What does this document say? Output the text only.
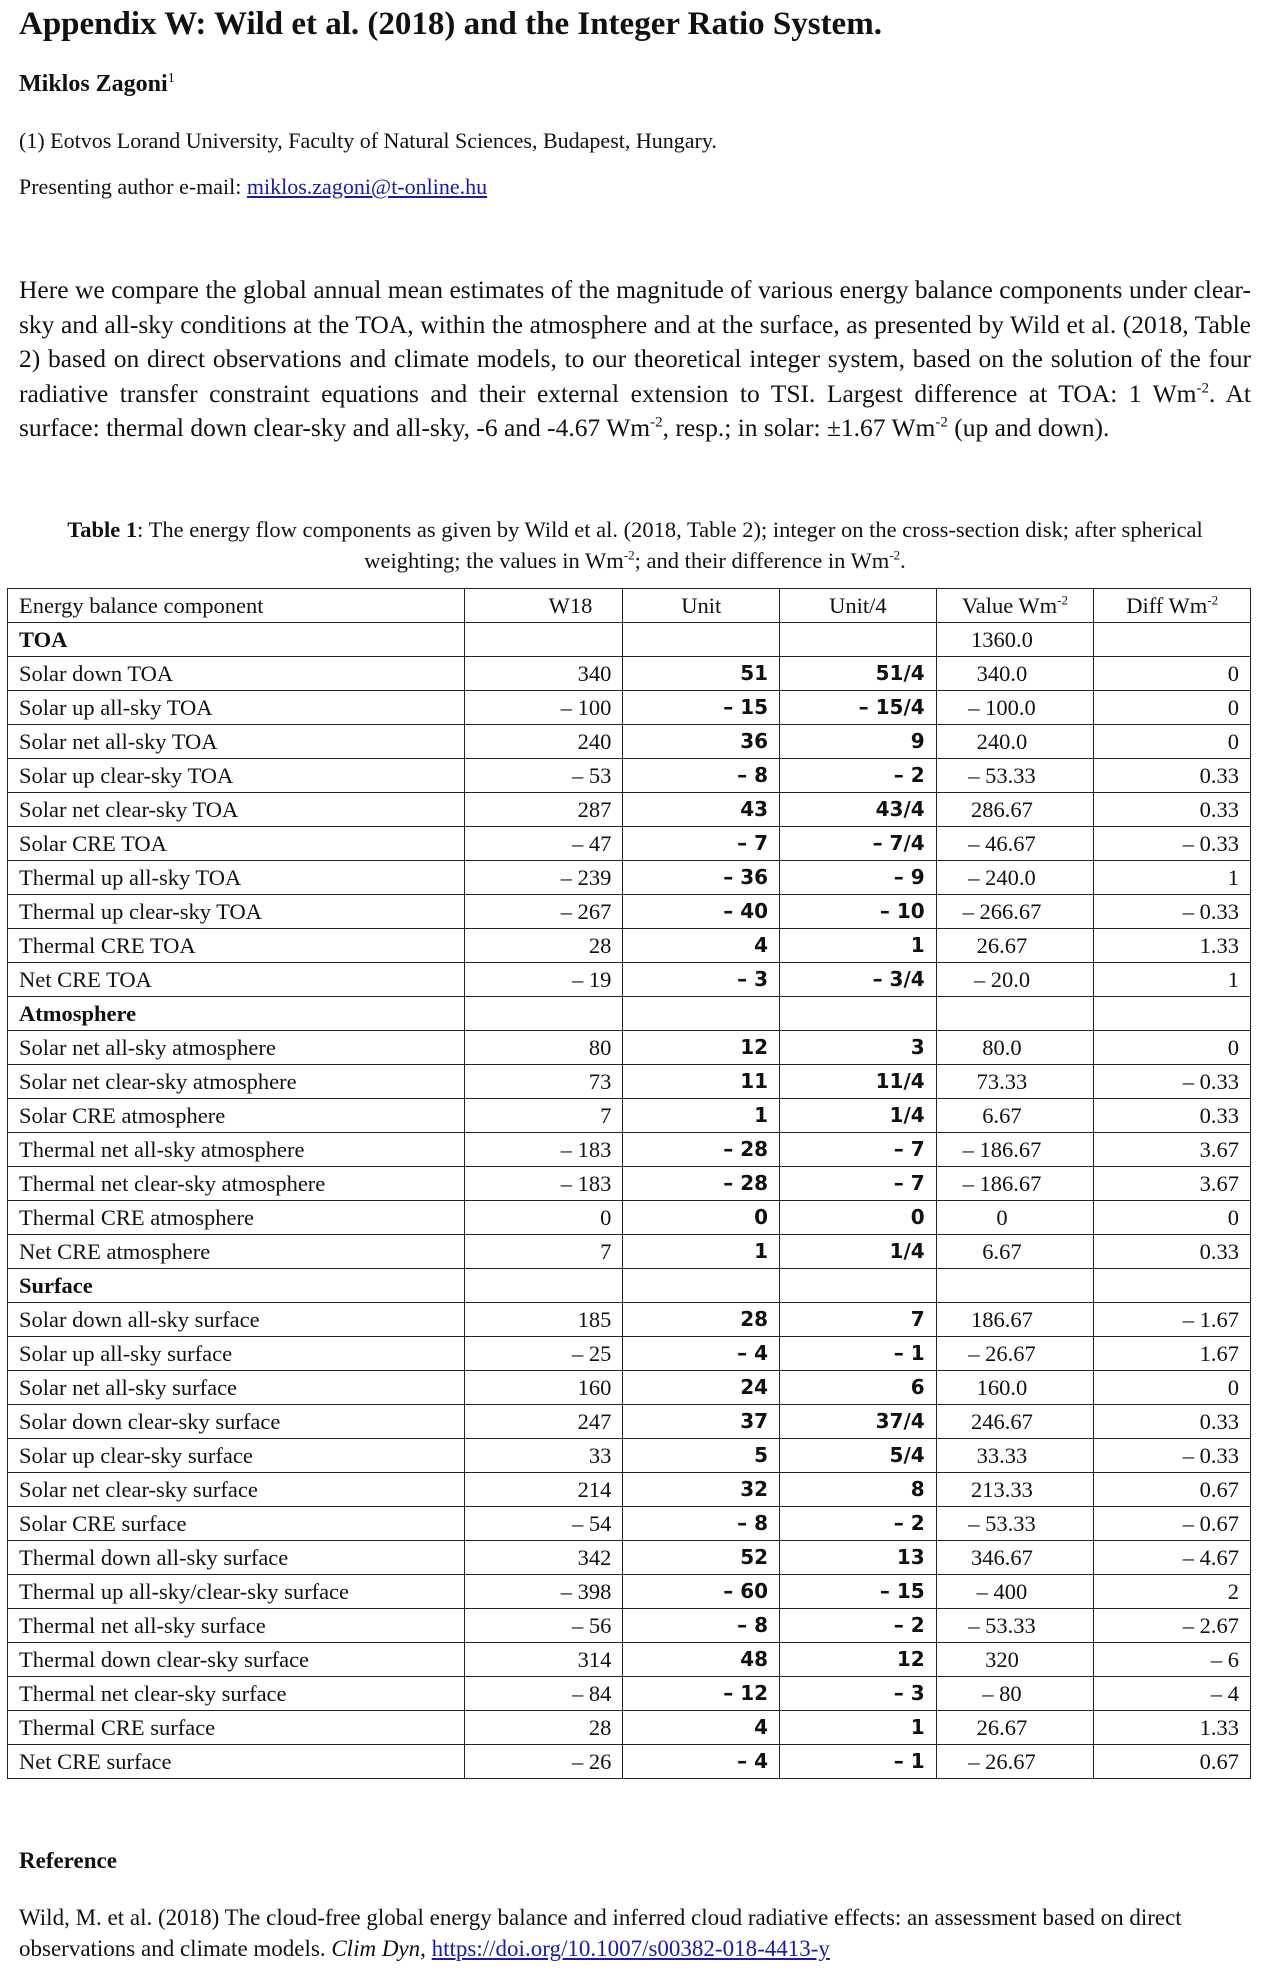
Appendix W: Wild et al. (2018) and the Integer Ratio System.
Miklos Zagoni$^1$
(1) Eotvos Lorand University, Faculty of Natural Sciences, Budapest, Hungary.
Presenting author e-mail: miklos.zagoni@t-online.hu

Here we compare the global annual mean estimates of the magnitude of various energy balance components under clear-sky and all-sky conditions at the TOA, within the atmosphere and at the surface, as presented by Wild et al. (2018, Table 2) based on direct observations and climate models, to our theoretical integer system, based on the solution of the four radiative transfer constraint equations and their external extension to TSI. Largest difference at TOA: 1 $Wm^{-2}$. At surface: thermal down clear-sky and all-sky, -6 and -4.67 $Wm^{-2}$, resp.; in solar: ±1.67 $Wm^{-2}$ (up and down).

Table 1: The energy flow components as given by Wild et al. (2018, Table 2); integer on the cross-section disk; after spherical weighting; the values in $Wm^{-2}$; and their difference in $Wm^{-2}$.

Energy balance component	W18	Unit	Unit/4	Value $Wm^{-2}$	Diff $Wm^{-2}$
TOA				1360.0	
Solar down TOA	340	51	51/4	340.0	0
Solar up all-sky TOA	– 100	– 15	– 15/4	– 100.0	0
Solar net all-sky TOA	240	36	9	240.0	0
Solar up clear-sky TOA	– 53	– 8	– 2	– 53.33	0.33
Solar net clear-sky TOA	287	43	43/4	286.67	0.33
Solar CRE TOA	– 47	– 7	– 7/4	– 46.67	– 0.33
Thermal up all-sky TOA	– 239	– 36	– 9	– 240.0	1
Thermal up clear-sky TOA	– 267	– 40	– 10	– 266.67	– 0.33
Thermal CRE TOA	28	4	1	26.67	1.33
Net CRE TOA	– 19	– 3	– 3/4	– 20.0	1
Atmosphere					
Solar net all-sky atmosphere	80	12	3	80.0	0
Solar net clear-sky atmosphere	73	11	11/4	73.33	– 0.33
Solar CRE atmosphere	7	1	1/4	6.67	0.33
Thermal net all-sky atmosphere	– 183	– 28	– 7	– 186.67	3.67
Thermal net clear-sky atmosphere	– 183	– 28	– 7	– 186.67	3.67
Thermal CRE atmosphere	0	0	0	0	0
Net CRE atmosphere	7	1	1/4	6.67	0.33
Surface					
Solar down all-sky surface	185	28	7	186.67	– 1.67
Solar up all-sky surface	– 25	– 4	– 1	– 26.67	1.67
Solar net all-sky surface	160	24	6	160.0	0
Solar down clear-sky surface	247	37	37/4	246.67	0.33
Solar up clear-sky surface	33	5	5/4	33.33	– 0.33
Solar net clear-sky surface	214	32	8	213.33	0.67
Solar CRE surface	– 54	– 8	– 2	– 53.33	– 0.67
Thermal down all-sky surface	342	52	13	346.67	– 4.67
Thermal up all-sky/clear-sky surface	– 398	– 60	– 15	– 400	2
Thermal net all-sky surface	– 56	– 8	– 2	– 53.33	– 2.67
Thermal down clear-sky surface	314	48	12	320	– 6
Thermal net clear-sky surface	– 84	– 12	– 3	– 80	– 4
Thermal CRE surface	28	4	1	26.67	1.33
Net CRE surface	– 26	– 4	– 1	– 26.67	0.67
Reference

Wild, M. et al. (2018) The cloud-free global energy balance and inferred cloud radiative effects: an assessment based on direct observations and climate models. Clim Dyn, https://doi.org/10.1007/s00382-018-4413-y
